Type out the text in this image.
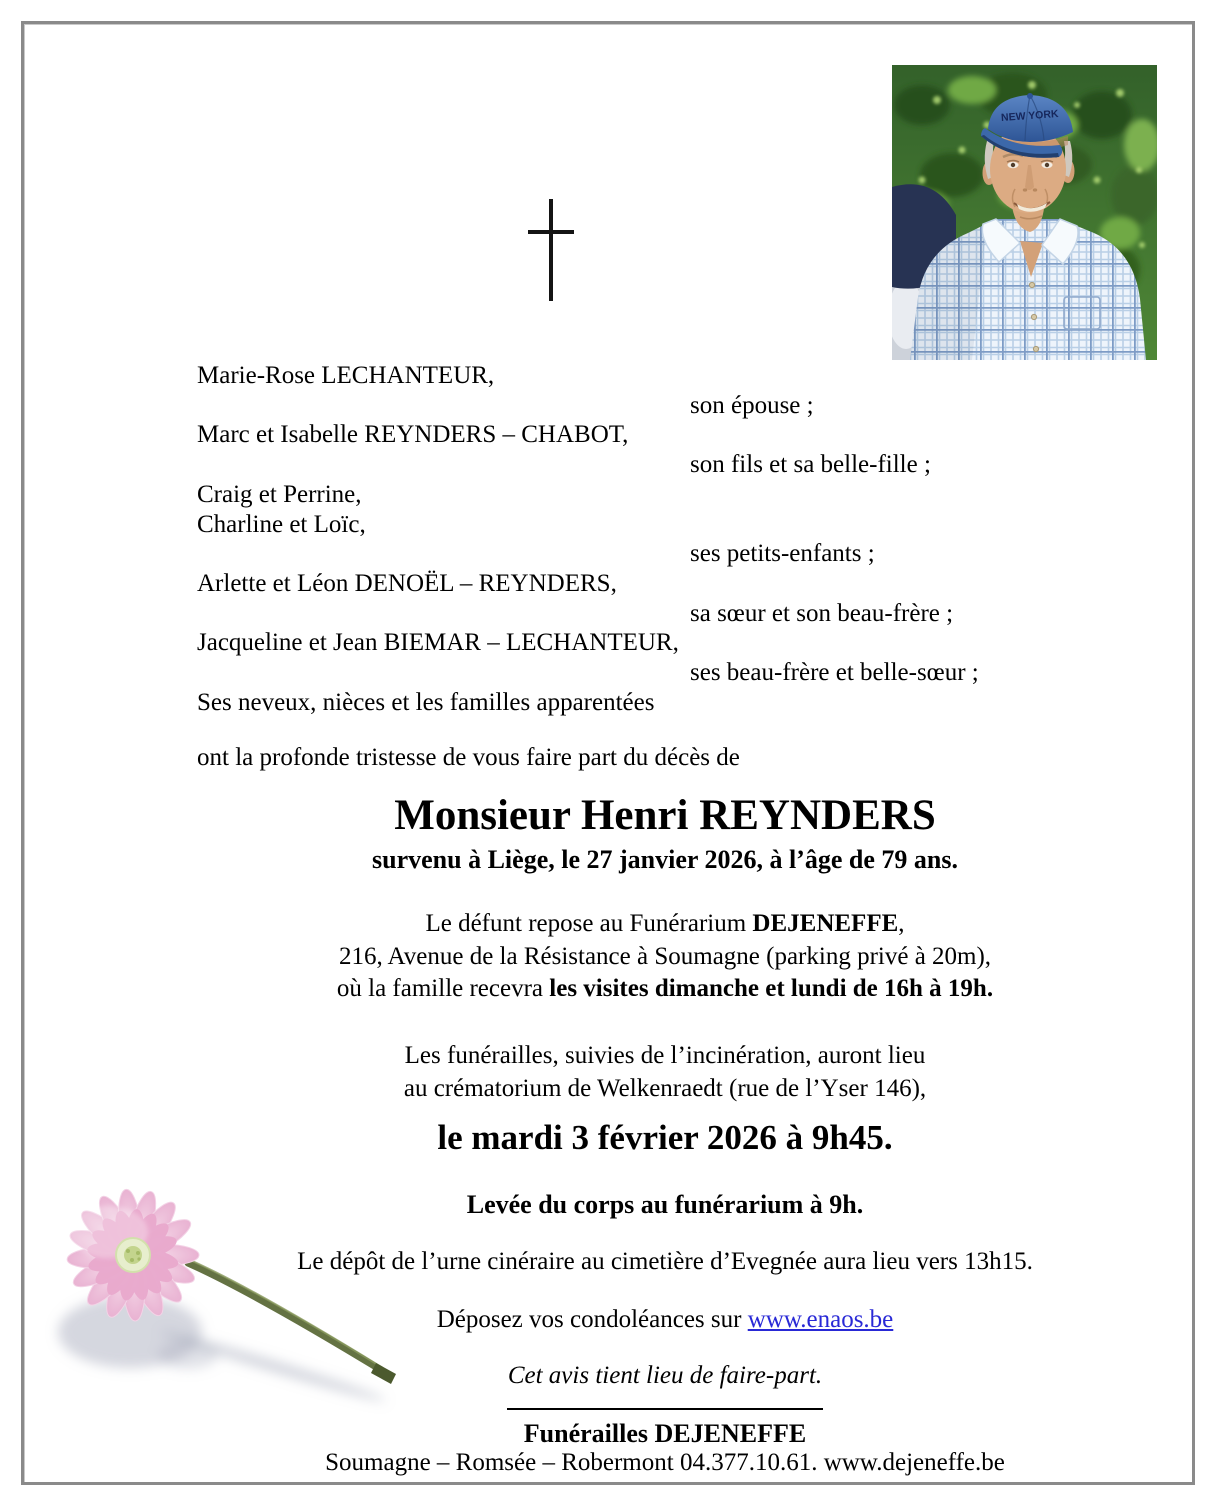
NEW YORK
Marie-Rose LECHANTEUR,
son épouse ;
Marc et Isabelle REYNDERS – CHABOT,
son fils et sa belle-fille ;
Craig et Perrine,
Charline et Loïc,
ses petits-enfants ;
Arlette et Léon DENOËL – REYNDERS,
sa sœur et son beau-frère ;
Jacqueline et Jean BIEMAR – LECHANTEUR,
ses beau-frère et belle-sœur ;
Ses neveux, nièces et les familles apparentées
ont la profonde tristesse de vous faire part du décès de
Monsieur Henri REYNDERS
survenu à Liège, le 27 janvier 2026, à l’âge de 79 ans.
Le défunt repose au Funérarium DEJENEFFE,
216, Avenue de la Résistance à Soumagne (parking privé à 20m),
où la famille recevra les visites dimanche et lundi de 16h à 19h.
Les funérailles, suivies de l’incinération, auront lieu
au crématorium de Welkenraedt (rue de l’Yser 146),
le mardi 3 février 2026 à 9h45.
Levée du corps au funérarium à 9h.
Le dépôt de l’urne cinéraire au cimetière d’Evegnée aura lieu vers 13h15.
Déposez vos condoléances sur www.enaos.be
Cet avis tient lieu de faire-part.
Funérailles DEJENEFFE
Soumagne – Romsée – Robermont 04.377.10.61. www.dejeneffe.be
